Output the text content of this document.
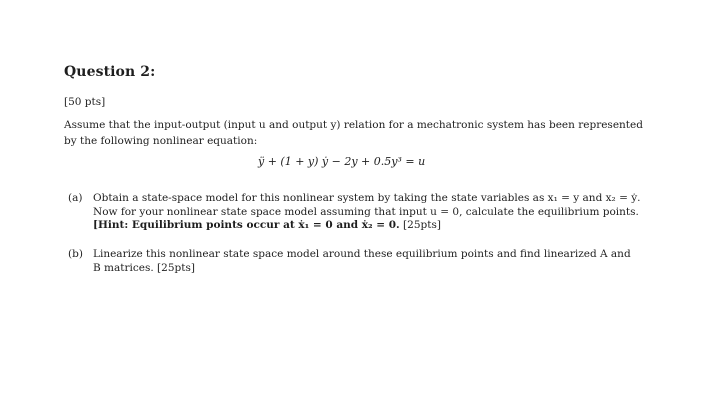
Question 2:
[50 pts]
Assume that the input-output (input u and output y) relation for a mechatronic system has been represented
by the following nonlinear equation:
ÿ + (1 + y) ẏ − 2y + 0.5y³ = u
(a) Obtain a state-space model for this nonlinear system by taking the state variables as x₁ = y and x₂ = ẏ.
Now for your nonlinear state space model assuming that input u = 0, calculate the equilibrium points.
[Hint: Equilibrium points occur at ẋ₁ = 0 and ẋ₂ = 0. [25pts]
(b) Linearize this nonlinear state space model around these equilibrium points and find linearized A and
B matrices. [25pts]
